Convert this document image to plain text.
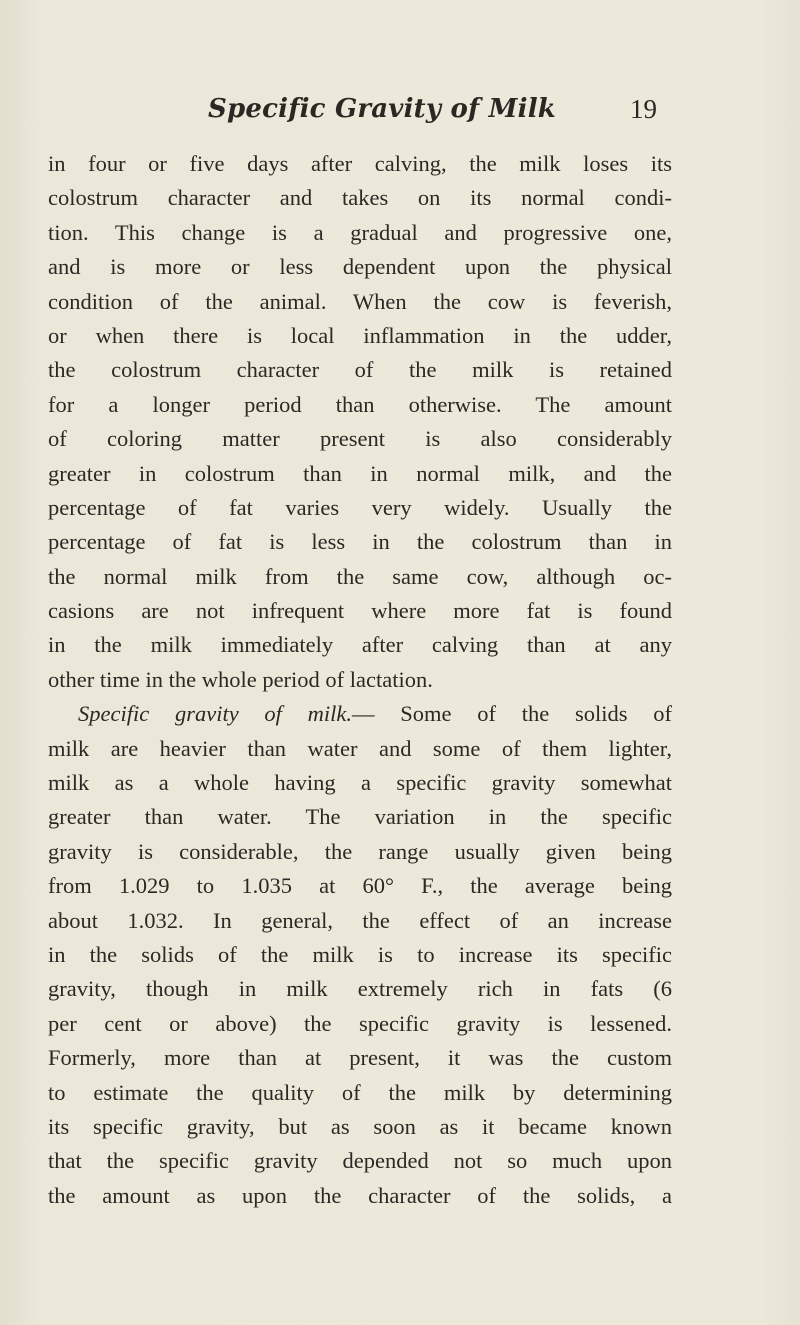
Specific Gravity of Milk	19
in four or five days after calving, the milk loses its
colostrum character and takes on its normal condi-
tion. This change is a gradual and progressive one,
and is more or less dependent upon the physical
condition of the animal. When the cow is feverish,
or when there is local inflammation in the udder,
the colostrum character of the milk is retained
for a longer period than otherwise. The amount
of coloring matter present is also considerably
greater in colostrum than in normal milk, and the
percentage of fat varies very widely. Usually the
percentage of fat is less in the colostrum than in
the normal milk from the same cow, although oc-
casions are not infrequent where more fat is found
in the milk immediately after calving than at any
other time in the whole period of lactation.
Specific gravity of milk.— Some of the solids of
milk are heavier than water and some of them lighter,
milk as a whole having a specific gravity somewhat
greater than water. The variation in the specific
gravity is considerable, the range usually given being
from 1.029 to 1.035 at 60° F., the average being
about 1.032. In general, the effect of an increase
in the solids of the milk is to increase its specific
gravity, though in milk extremely rich in fats (6
per cent or above) the specific gravity is lessened.
Formerly, more than at present, it was the custom
to estimate the quality of the milk by determining
its specific gravity, but as soon as it became known
that the specific gravity depended not so much upon
the amount as upon the character of the solids, a
